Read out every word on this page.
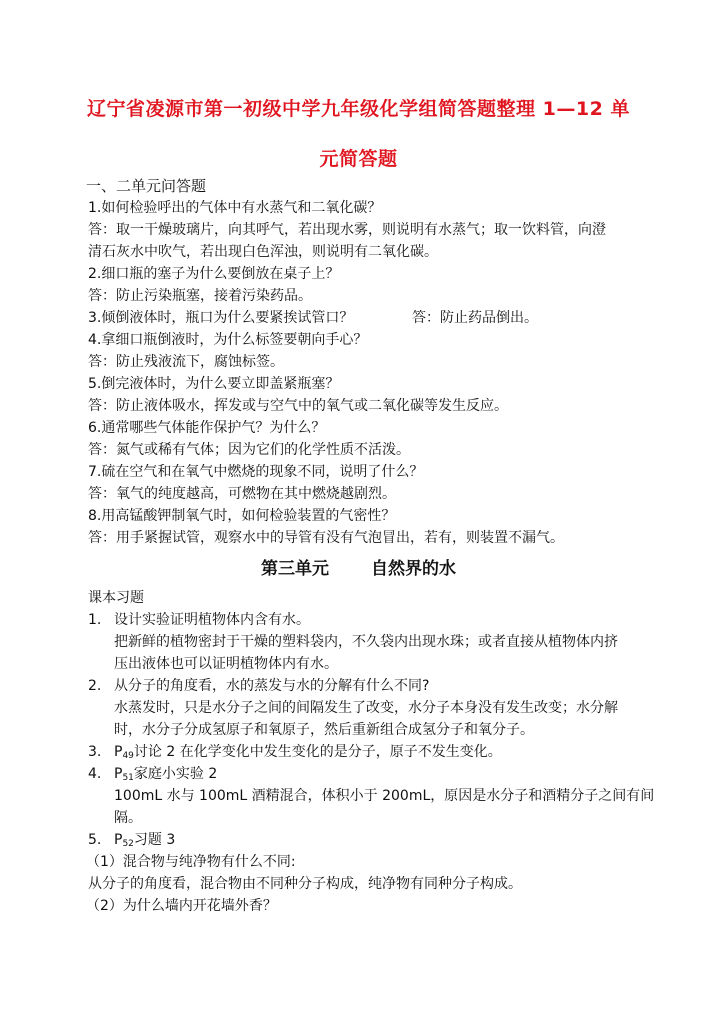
辽宁省凌源市第一初级中学九年级化学组简答题整理 1—12 单
元简答题
一、二单元问答题
1.如何检验呼出的气体中有水蒸气和二氧化碳？
答：取一干燥玻璃片，向其呼气，若出现水雾，则说明有水蒸气；取一饮料管，向澄
清石灰水中吹气，若出现白色浑浊，则说明有二氧化碳。
2.细口瓶的塞子为什么要倒放在桌子上？
答：防止污染瓶塞，接着污染药品。
3.倾倒液体时，瓶口为什么要紧挨试管口？	答：防止药品倒出。
4.拿细口瓶倒液时，为什么标签要朝向手心？
答：防止残液流下，腐蚀标签。
5.倒完液体时，为什么要立即盖紧瓶塞？
答：防止液体吸水，挥发或与空气中的氧气或二氧化碳等发生反应。
6.通常哪些气体能作保护气？为什么？
答：氮气或稀有气体；因为它们的化学性质不活泼。
7.硫在空气和在氧气中燃烧的现象不同，说明了什么？
答：氧气的纯度越高，可燃物在其中燃烧越剧烈。
8.用高锰酸钾制氧气时，如何检验装置的气密性？
答：用手紧握试管，观察水中的导管有没有气泡冒出，若有，则装置不漏气。
第三单元 自然界的水
课本习题
1. 设计实验证明植物体内含有水。
把新鲜的植物密封于干燥的塑料袋内，不久袋内出现水珠；或者直接从植物体内挤
压出液体也可以证明植物体内有水。
2. 从分子的角度看，水的蒸发与水的分解有什么不同?
水蒸发时，只是水分子之间的间隔发生了改变，水分子本身没有发生改变；水分解
时，水分子分成氢原子和氧原子，然后重新组合成氢分子和氧分子。
3. $P_{49}$讨论 2 在化学变化中发生变化的是分子，原子不发生变化。
4. $P_{51}$家庭小实验 2
100mL 水与 100mL 酒精混合，体积小于 200mL，原因是水分子和酒精分子之间有间
隔。
5. $P_{52}$习题 3
（1）混合物与纯净物有什么不同:
从分子的角度看，混合物由不同种分子构成，纯净物有同种分子构成。
（2）为什么墙内开花墙外香？
